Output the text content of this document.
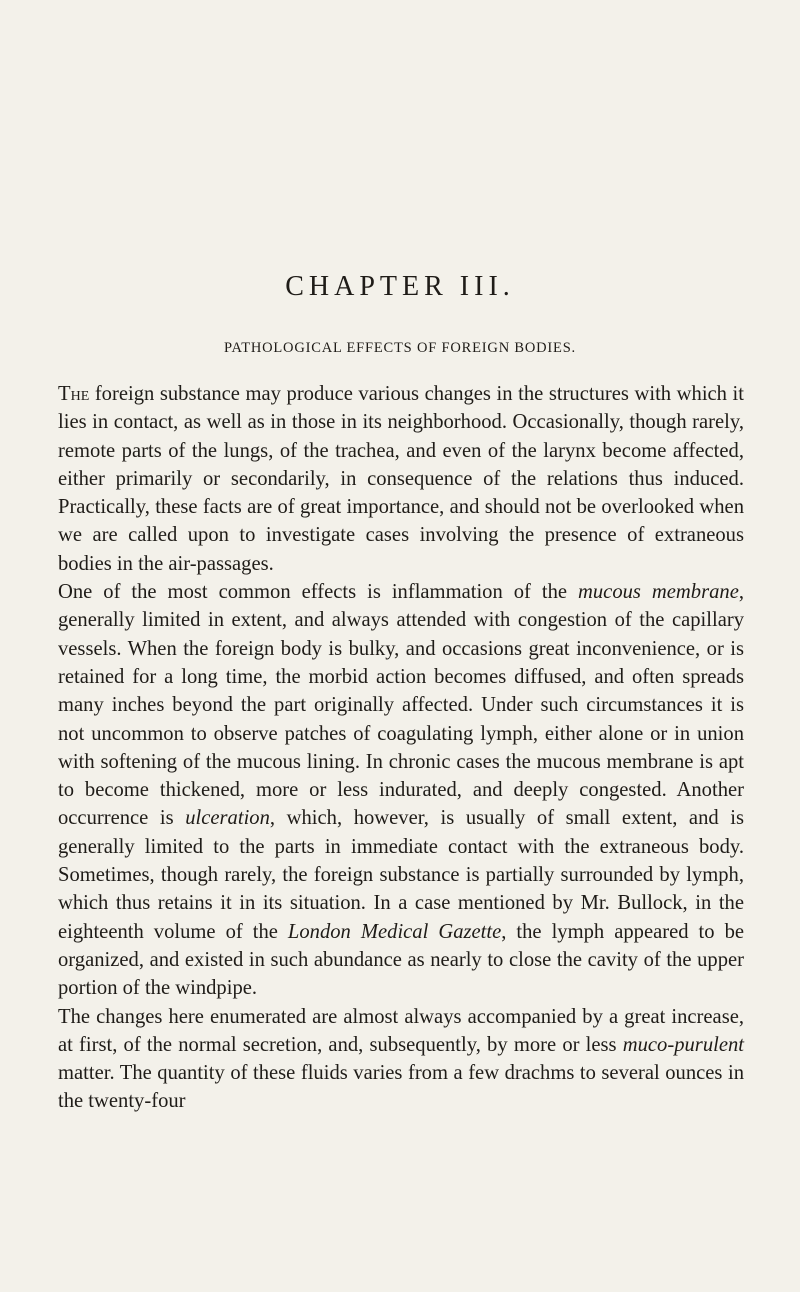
CHAPTER III.
PATHOLOGICAL EFFECTS OF FOREIGN BODIES.

The foreign substance may produce various changes in the structures with which it lies in contact, as well as in those in its neighborhood. Occasionally, though rarely, remote parts of the lungs, of the trachea, and even of the larynx become affected, either primarily or secondarily, in consequence of the relations thus induced. Practically, these facts are of great importance, and should not be overlooked when we are called upon to investigate cases involving the presence of extraneous bodies in the air-passages.

One of the most common effects is inflammation of the mucous membrane, generally limited in extent, and always attended with congestion of the capillary vessels. When the foreign body is bulky, and occasions great inconvenience, or is retained for a long time, the morbid action becomes diffused, and often spreads many inches beyond the part originally affected. Under such circumstances it is not uncommon to observe patches of coagulating lymph, either alone or in union with softening of the mucous lining. In chronic cases the mucous membrane is apt to become thickened, more or less indurated, and deeply congested. Another occurrence is ulceration, which, however, is usually of small extent, and is generally limited to the parts in immediate contact with the extraneous body. Sometimes, though rarely, the foreign substance is partially surrounded by lymph, which thus retains it in its situation. In a case mentioned by Mr. Bullock, in the eighteenth volume of the London Medical Gazette, the lymph appeared to be organized, and existed in such abundance as nearly to close the cavity of the upper portion of the windpipe.

The changes here enumerated are almost always accompanied by a great increase, at first, of the normal secretion, and, subsequently, by more or less muco-purulent matter. The quantity of these fluids varies from a few drachms to several ounces in the twenty-four
